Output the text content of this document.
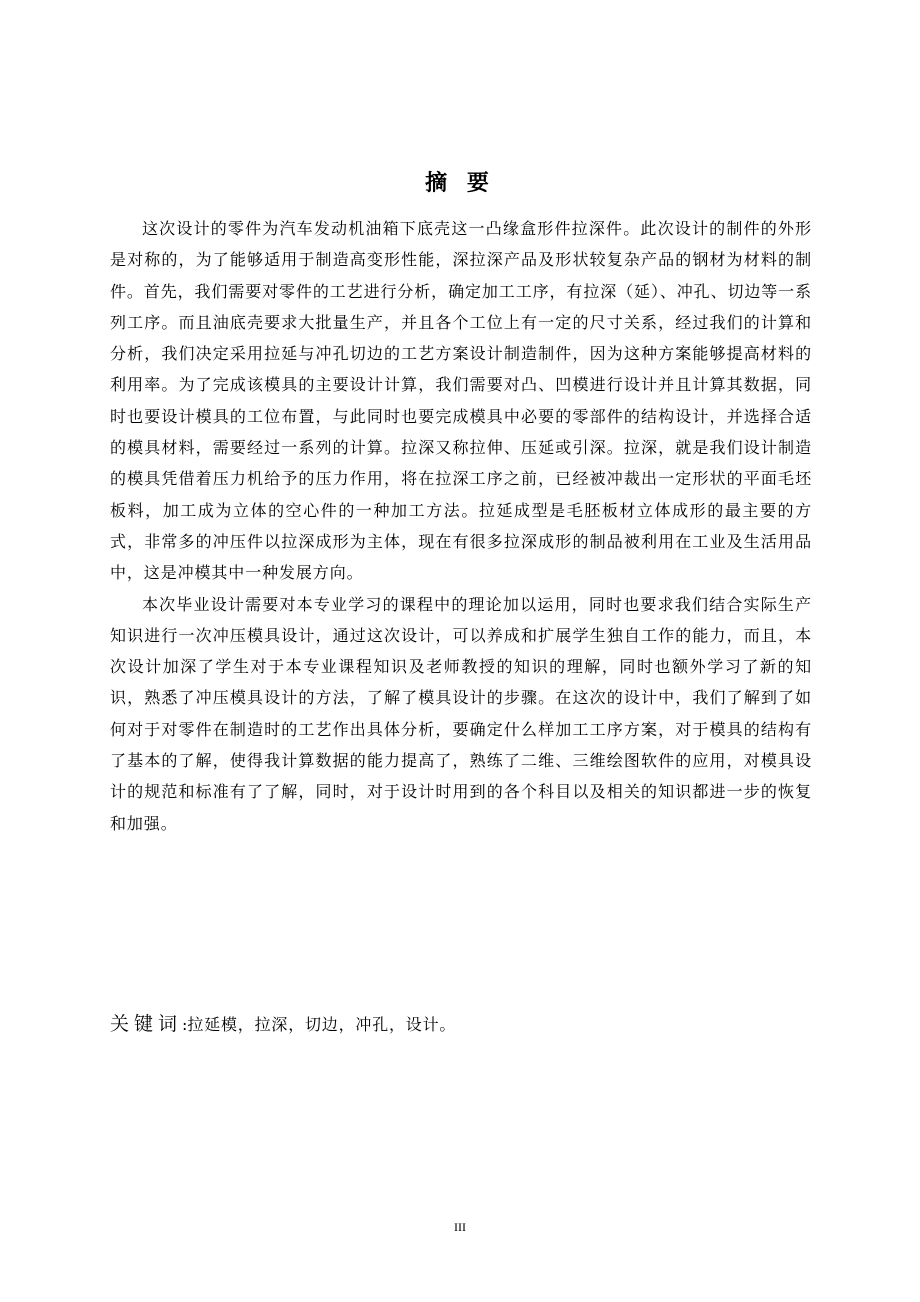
摘 要

这次设计的零件为汽车发动机油箱下底壳这一凸缘盒形件拉深件。此次设计的制件的外形是对称的，为了能够适用于制造高变形性能，深拉深产品及形状较复杂产品的钢材为材料的制件。首先，我们需要对零件的工艺进行分析，确定加工工序，有拉深（延）、冲孔、切边等一系列工序。而且油底壳要求大批量生产，并且各个工位上有一定的尺寸关系，经过我们的计算和分析，我们决定采用拉延与冲孔切边的工艺方案设计制造制件，因为这种方案能够提高材料的利用率。为了完成该模具的主要设计计算，我们需要对凸、凹模进行设计并且计算其数据，同时也要设计模具的工位布置，与此同时也要完成模具中必要的零部件的结构设计，并选择合适的模具材料，需要经过一系列的计算。拉深又称拉伸、压延或引深。拉深，就是我们设计制造的模具凭借着压力机给予的压力作用，将在拉深工序之前，已经被冲裁出一定形状的平面毛坯板料，加工成为立体的空心件的一种加工方法。拉延成型是毛胚板材立体成形的最主要的方式，非常多的冲压件以拉深成形为主体，现在有很多拉深成形的制品被利用在工业及生活用品中，这是冲模其中一种发展方向。

本次毕业设计需要对本专业学习的课程中的理论加以运用，同时也要求我们结合实际生产知识进行一次冲压模具设计，通过这次设计，可以养成和扩展学生独自工作的能力，而且，本次设计加深了学生对于本专业课程知识及老师教授的知识的理解，同时也额外学习了新的知识，熟悉了冲压模具设计的方法，了解了模具设计的步骤。在这次的设计中，我们了解到了如何对于对零件在制造时的工艺作出具体分析，要确定什么样加工工序方案，对于模具的结构有了基本的了解，使得我计算数据的能力提高了，熟练了二维、三维绘图软件的应用，对模具设计的规范和标准有了了解，同时，对于设计时用到的各个科目以及相关的知识都进一步的恢复和加强。

关键词:拉延模，拉深，切边，冲孔，设计。

III
